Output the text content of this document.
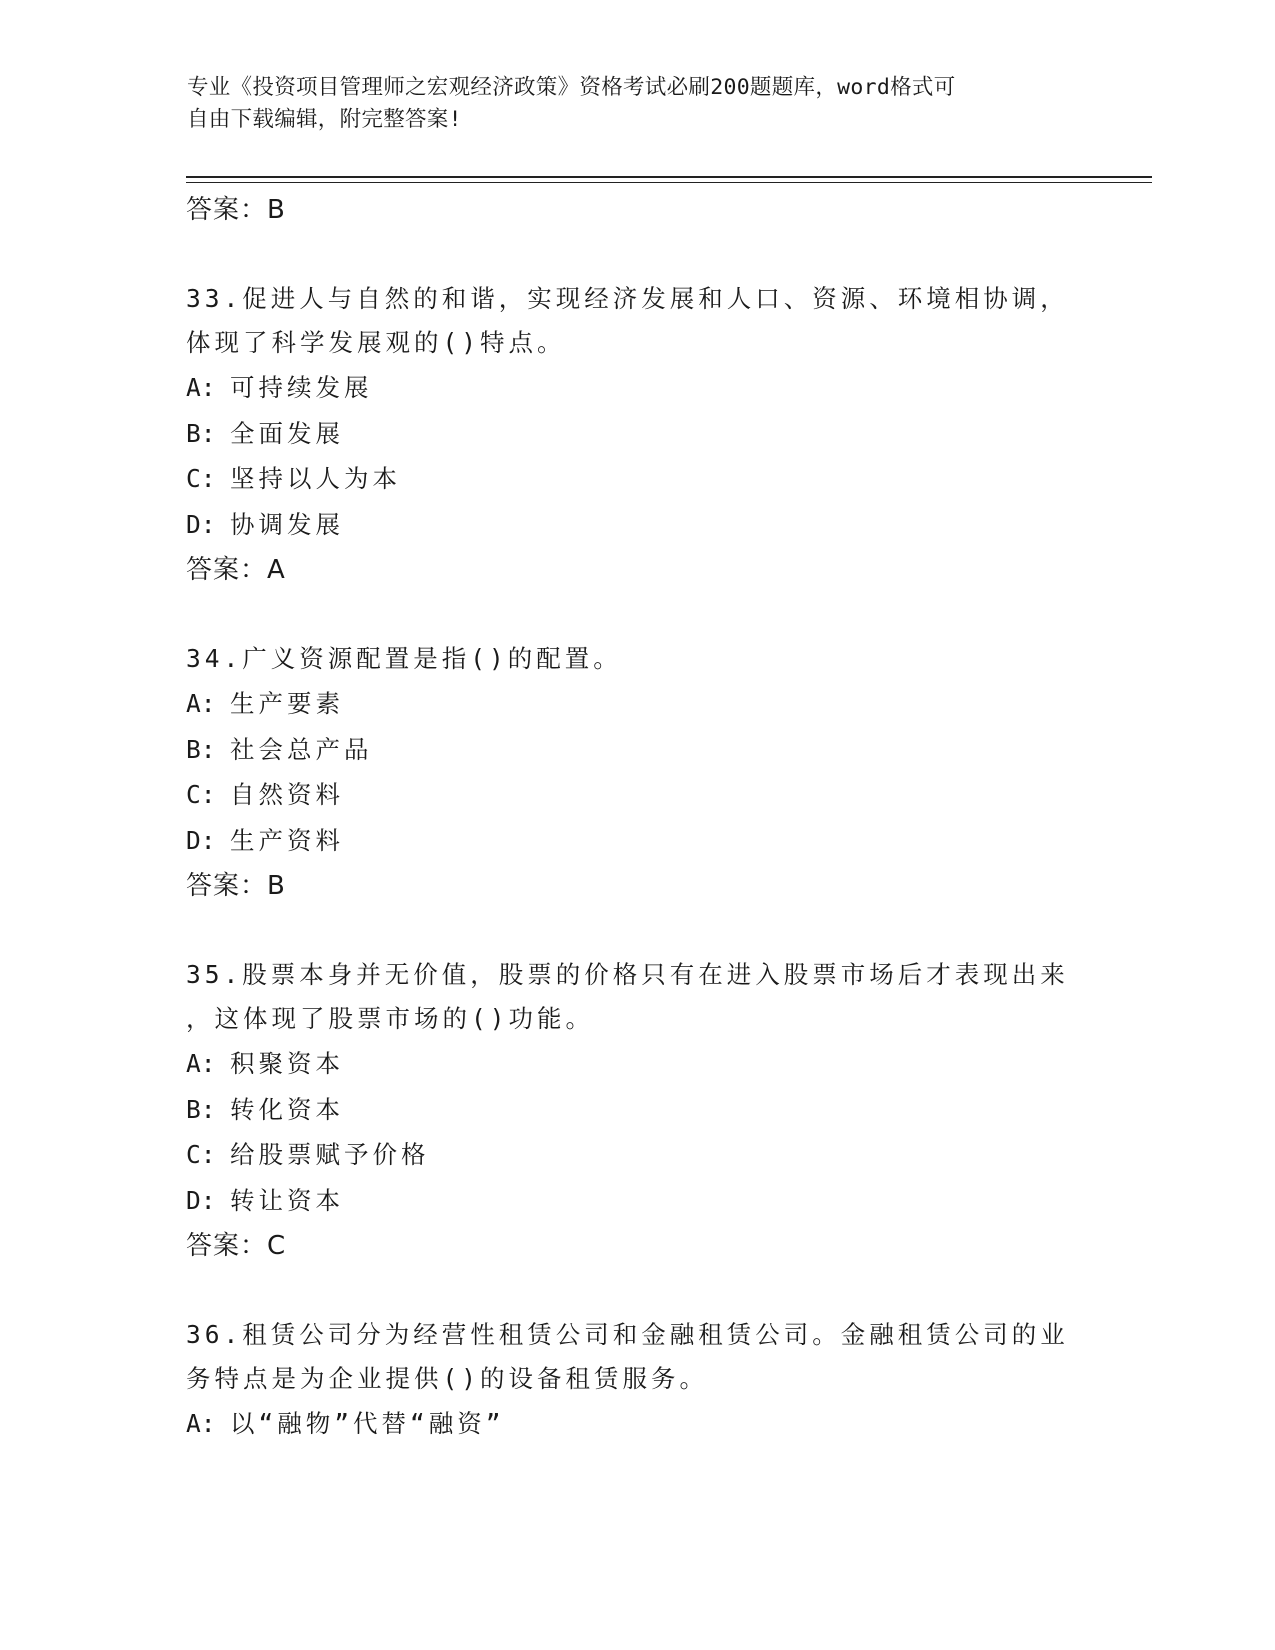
专业《投资项目管理师之宏观经济政策》资格考试必刷200题题库，word格式可
自由下载编辑，附完整答案!
答案：B
33.促进人与自然的和谐，实现经济发展和人口、资源、环境相协调，
体现了科学发展观的()特点。
A: 可持续发展
B: 全面发展
C: 坚持以人为本
D: 协调发展
答案：A
34.广义资源配置是指()的配置。
A: 生产要素
B: 社会总产品
C: 自然资料
D: 生产资料
答案：B
35.股票本身并无价值，股票的价格只有在进入股票市场后才表现出来
，这体现了股票市场的()功能。
A: 积聚资本
B: 转化资本
C: 给股票赋予价格
D: 转让资本
答案：C
36.租赁公司分为经营性租赁公司和金融租赁公司。金融租赁公司的业
务特点是为企业提供()的设备租赁服务。
A: 以“融物”代替“融资”
